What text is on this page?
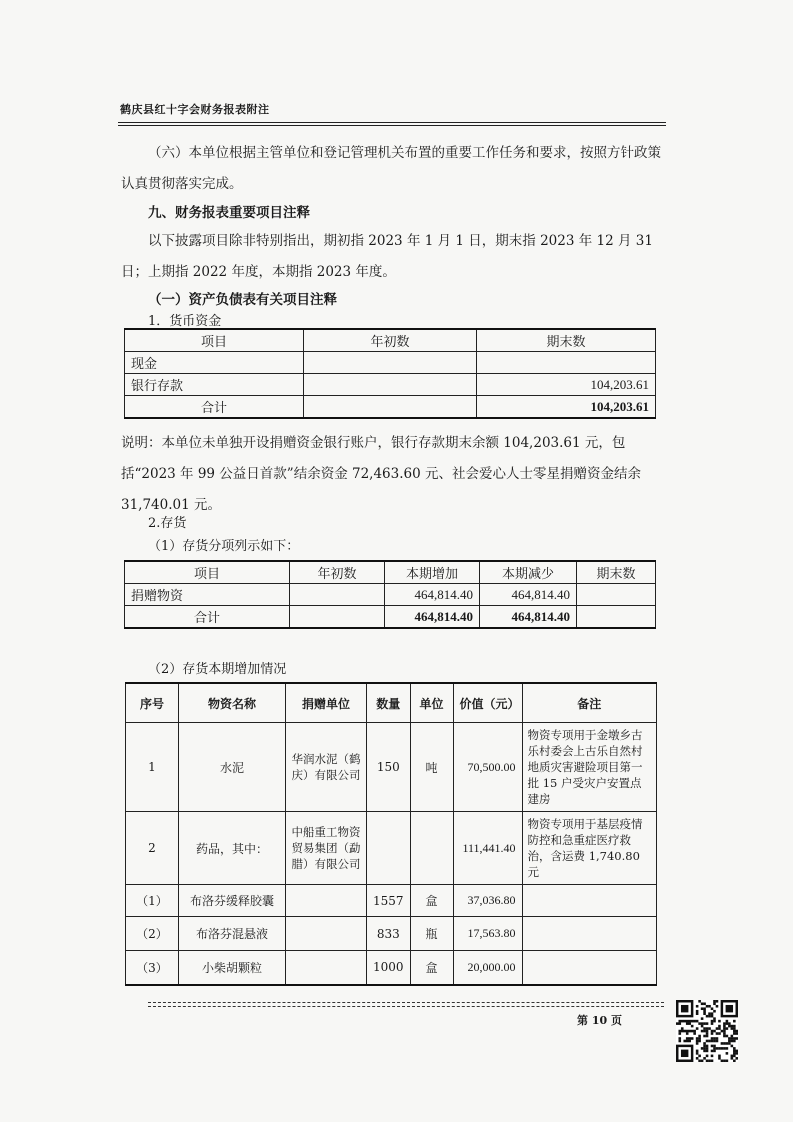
鹤庆县红十字会财务报表附注

（六）本单位根据主管单位和登记管理机关布置的重要工作任务和要求，按照方针政策认真贯彻落实完成。

九、财务报表重要项目注释

以下披露项目除非特别指出，期初指 2023 年 1 月 1 日，期末指 2023 年 12 月 31 日；上期指 2022 年度，本期指 2023 年度。

（一）资产负债表有关项目注释

1．货币资金

项目	年初数	期末数
现金		
银行存款		104,203.61
合计		104,203.61

说明：本单位未单独开设捐赠资金银行账户，银行存款期末余额 104,203.61 元，包括“2023 年 99 公益日首款”结余资金 72,463.60 元、社会爱心人士零星捐赠资金结余 31,740.01 元。

2.存货

（1）存货分项列示如下：

项目	年初数	本期增加	本期减少	期末数
捐赠物资		464,814.40	464,814.40	
合计		464,814.40	464,814.40	

（2）存货本期增加情况

序号	物资名称	捐赠单位	数量	单位	价值（元）	备注
1	水泥	华润水泥（鹤庆）有限公司	150	吨	70,500.00	物资专项用于金墩乡古乐村委会上古乐自然村地质灾害避险项目第一批 15 户受灾户安置点建房
2	药品，其中：	中船重工物资贸易集团（勐腊）有限公司			111,441.40	物资专项用于基层疫情防控和急重症医疗救治，含运费 1,740.80 元
（1）	布洛芬缓释胶囊		1557	盒	37,036.80	
（2）	布洛芬混悬液		833	瓶	17,563.80	
（3）	小柴胡颗粒		1000	盒	20,000.00	
第 10 页
